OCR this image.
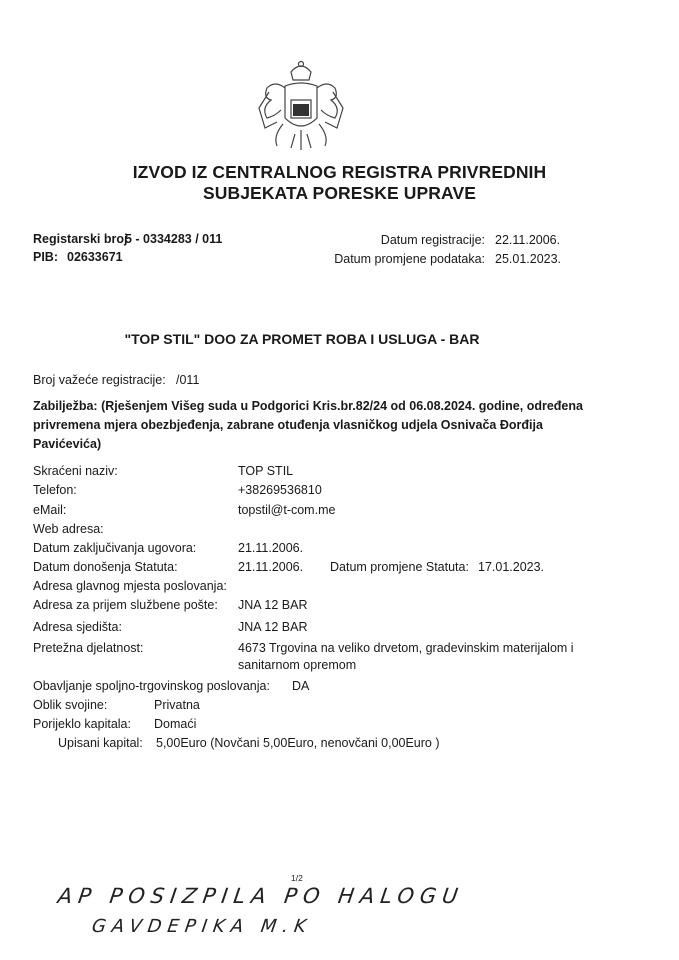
IZVOD IZ CENTRALNOG REGISTRA PRIVREDNIH
SUBJEKATA PORESKE UPRAVE
Registarski broj
5 - 0334283 / 011
PIB: 02633671
Datum registracije: 22.11.2006.
Datum promjene podataka: 25.01.2023.
"TOP STIL" DOO ZA PROMET ROBA I USLUGA - BAR
Broj važeće registracije: /011
Zabilježba: (Rješenjem Višeg suda u Podgorici Kris.br.82/24 od 06.08.2024. godine, određena
privremena mjera obezbjeđenja, zabrane otuđenja vlasničkog udjela Osnivača Đorđija
Pavićevića)
Skraćeni naziv:	TOP STIL
Telefon:	+38269536810
eMail:	topstil@t-com.me
Web adresa:
Datum zaključivanja ugovora:	21.11.2006.
Datum donošenja Statuta:	21.11.2006. Datum promjene Statuta: 17.01.2023.
Adresa glavnog mjesta poslovanja:
Adresa za prijem službene pošte: JNA 12 BAR
Adresa sjedišta:	JNA 12 BAR
Pretežna djelatnost:	4673 Trgovina na veliko drvetom, gradevinskim materijalom i
sanitarnom opremom
Obavljanje spoljno-trgovinskog poslovanja: DA
Oblik svojine:	Privatna
Porijeklo kapitala: Domaći
Upisani kapital: 5,00Euro (Novčani 5,00Euro, nenovčani 0,00Euro )
1/2
AP POSIZPILA PO HALOGU
GAVDEPIKA M.K
